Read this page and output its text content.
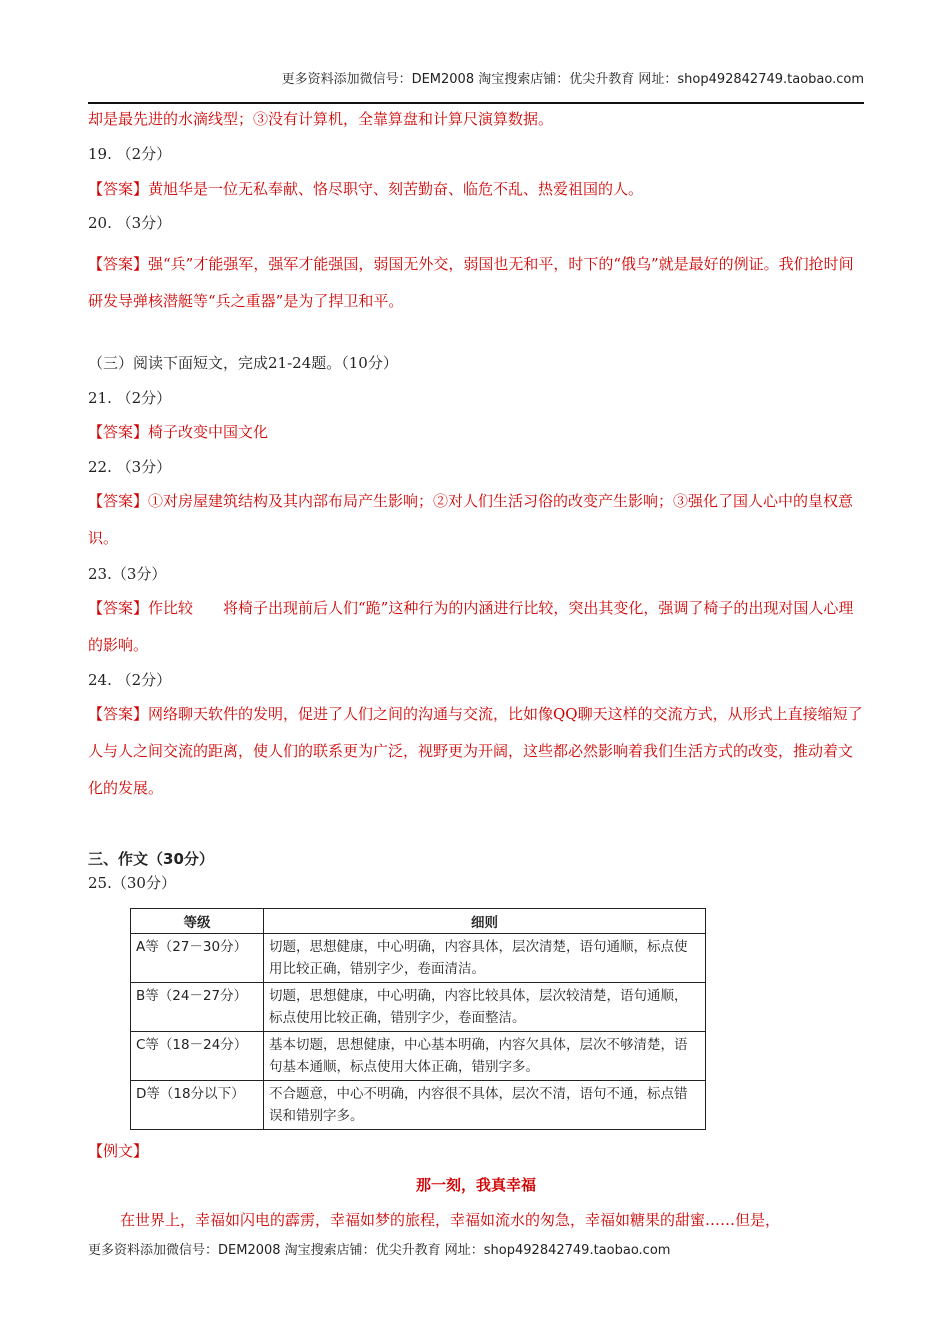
更多资料添加微信号：DEM2008 淘宝搜索店铺：优尖升教育 网址：shop492842749.taobao.com

却是最先进的水滴线型；③没有计算机，全靠算盘和计算尺演算数据。

19. （2分）

【答案】黄旭华是一位无私奉献、恪尽职守、刻苦勤奋、临危不乱、热爱祖国的人。

20. （3分）

【答案】强“兵”才能强军，强军才能强国，弱国无外交，弱国也无和平，时下的“俄乌”就是最好的例证。我们抢时间研发导弹核潜艇等“兵之重器”是为了捍卫和平。

（三）阅读下面短文，完成21-24题。（10分）

21. （2分）

【答案】椅子改变中国文化

22. （3分）

【答案】①对房屋建筑结构及其内部布局产生影响；②对人们生活习俗的改变产生影响；③强化了国人心中的皇权意识。

23.（3分）

【答案】作比较　　将椅子出现前后人们“跪”这种行为的内涵进行比较，突出其变化，强调了椅子的出现对国人心理的影响。

24. （2分）

【答案】网络聊天软件的发明，促进了人们之间的沟通与交流，比如像QQ聊天这样的交流方式，从形式上直接缩短了人与人之间交流的距离，使人们的联系更为广泛，视野更为开阔，这些都必然影响着我们生活方式的改变，推动着文化的发展。

三、作文（30分）

25.（30分）

等级	细则
A等（27－30分）	切题，思想健康，中心明确，内容具体，层次清楚，语句通顺，标点使用比较正确，错别字少，卷面清洁。
B等（24－27分）	切题，思想健康，中心明确，内容比较具体，层次较清楚，语句通顺，标点使用比较正确，错别字少，卷面整洁。
C等（18－24分）	基本切题，思想健康，中心基本明确，内容欠具体，层次不够清楚，语句基本通顺，标点使用大体正确，错别字多。
D等（18分以下）	不合题意，中心不明确，内容很不具体，层次不清，语句不通，标点错误和错别字多。

【例文】

那一刻，我真幸福
在世界上，幸福如闪电的霹雳，幸福如梦的旅程，幸福如流水的匆急，幸福如糖果的甜蜜……但是，
更多资料添加微信号：DEM2008 淘宝搜索店铺：优尖升教育 网址：shop492842749.taobao.com
